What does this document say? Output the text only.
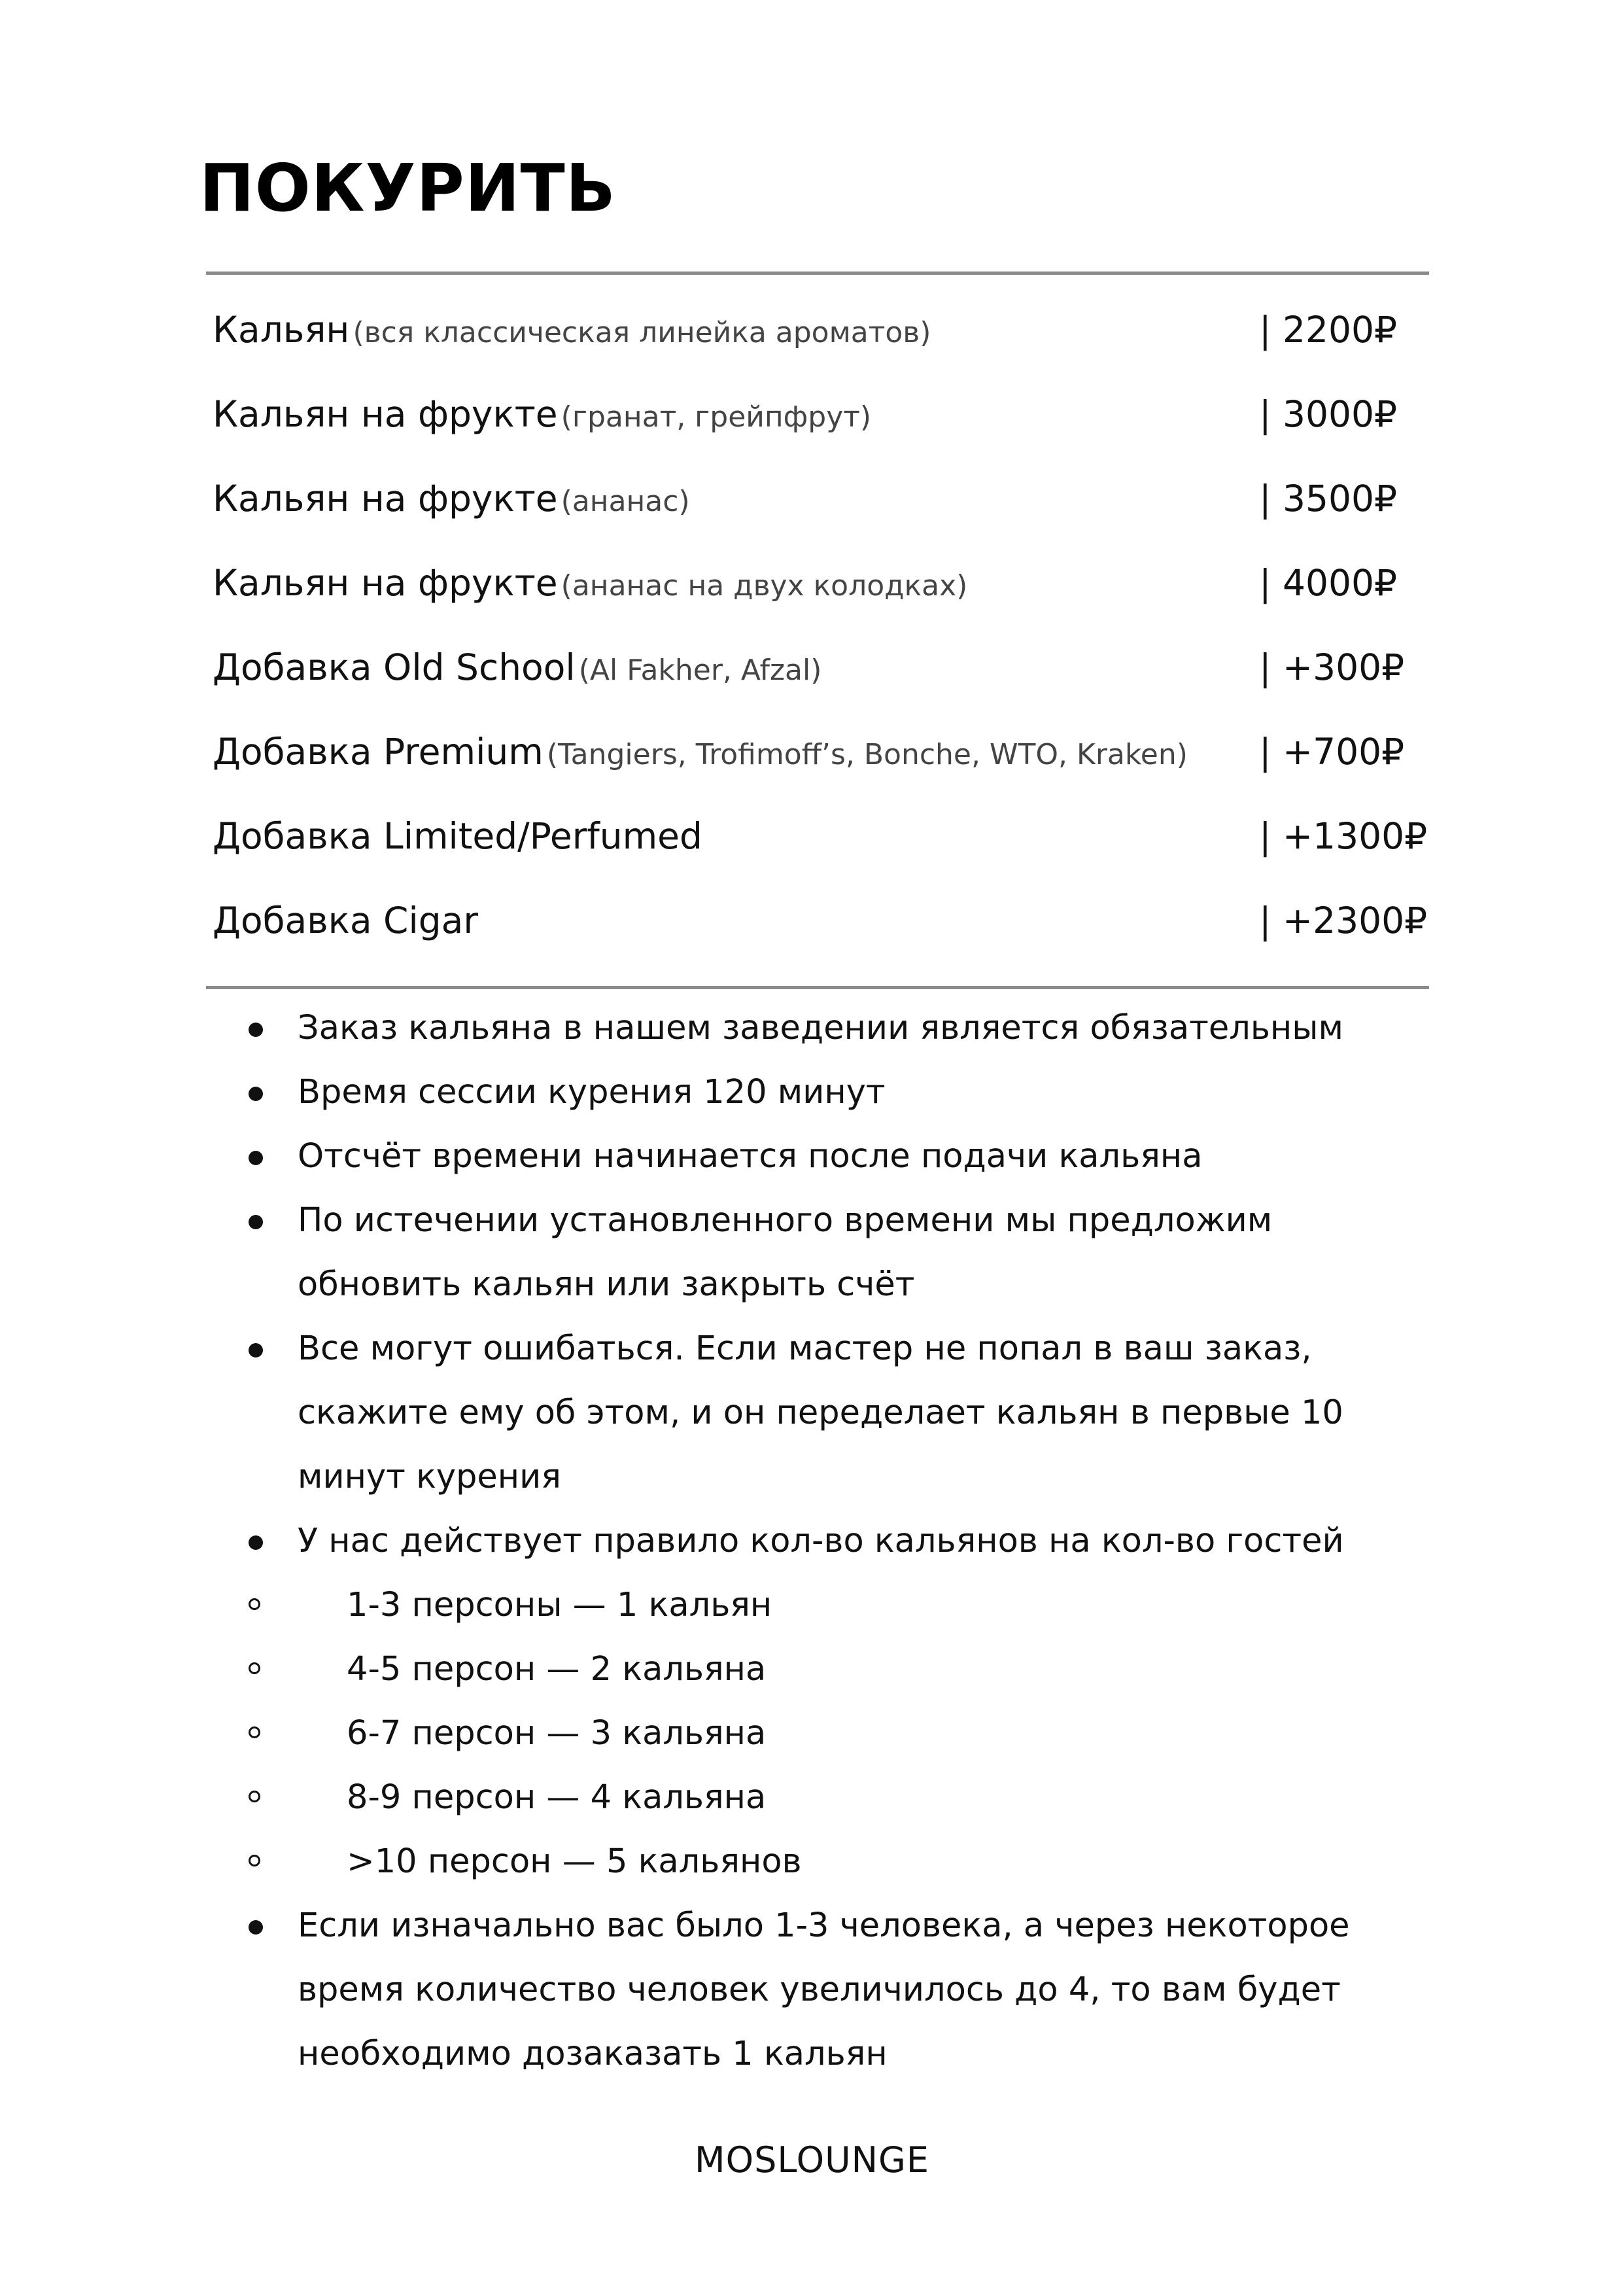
ПОКУРИТЬ
Кальян (вся классическая линейка ароматов)	| 2200₽
Кальян на фрукте (гранат, грейпфрут)	| 3000₽
Кальян на фрукте (ананас)	| 3500₽
Кальян на фрукте (ананас на двух колодках)	| 4000₽
Добавка Old School (Al Fakher, Afzal)	| +300₽
Добавка Premium (Tangiers, Trofimoff’s, Bonche, WTO, Kraken) | +700₽
Добавка Limited/Perfumed	| +1300₽
Добавка Cigar	| +2300₽
Заказ кальяна в нашем заведении является обязательным
Время сессии курения 120 минут
Отсчёт времени начинается после подачи кальяна
По истечении установленного времени мы предложим обновить кальян или закрыть счёт
Все могут ошибаться. Если мастер не попал в ваш заказ, скажите ему об этом, и он переделает кальян в первые 10 минут курения
У нас действует правило кол-во кальянов на кол-во гостей
1-3 персоны — 1 кальян
4-5 персон — 2 кальяна
6-7 персон — 3 кальяна
8-9 персон — 4 кальяна
>10 персон — 5 кальянов
Если изначально вас было 1-3 человека, а через некоторое время количество человек увеличилось до 4, то вам будет необходимо дозаказать 1 кальян
MOSLOUNGE
